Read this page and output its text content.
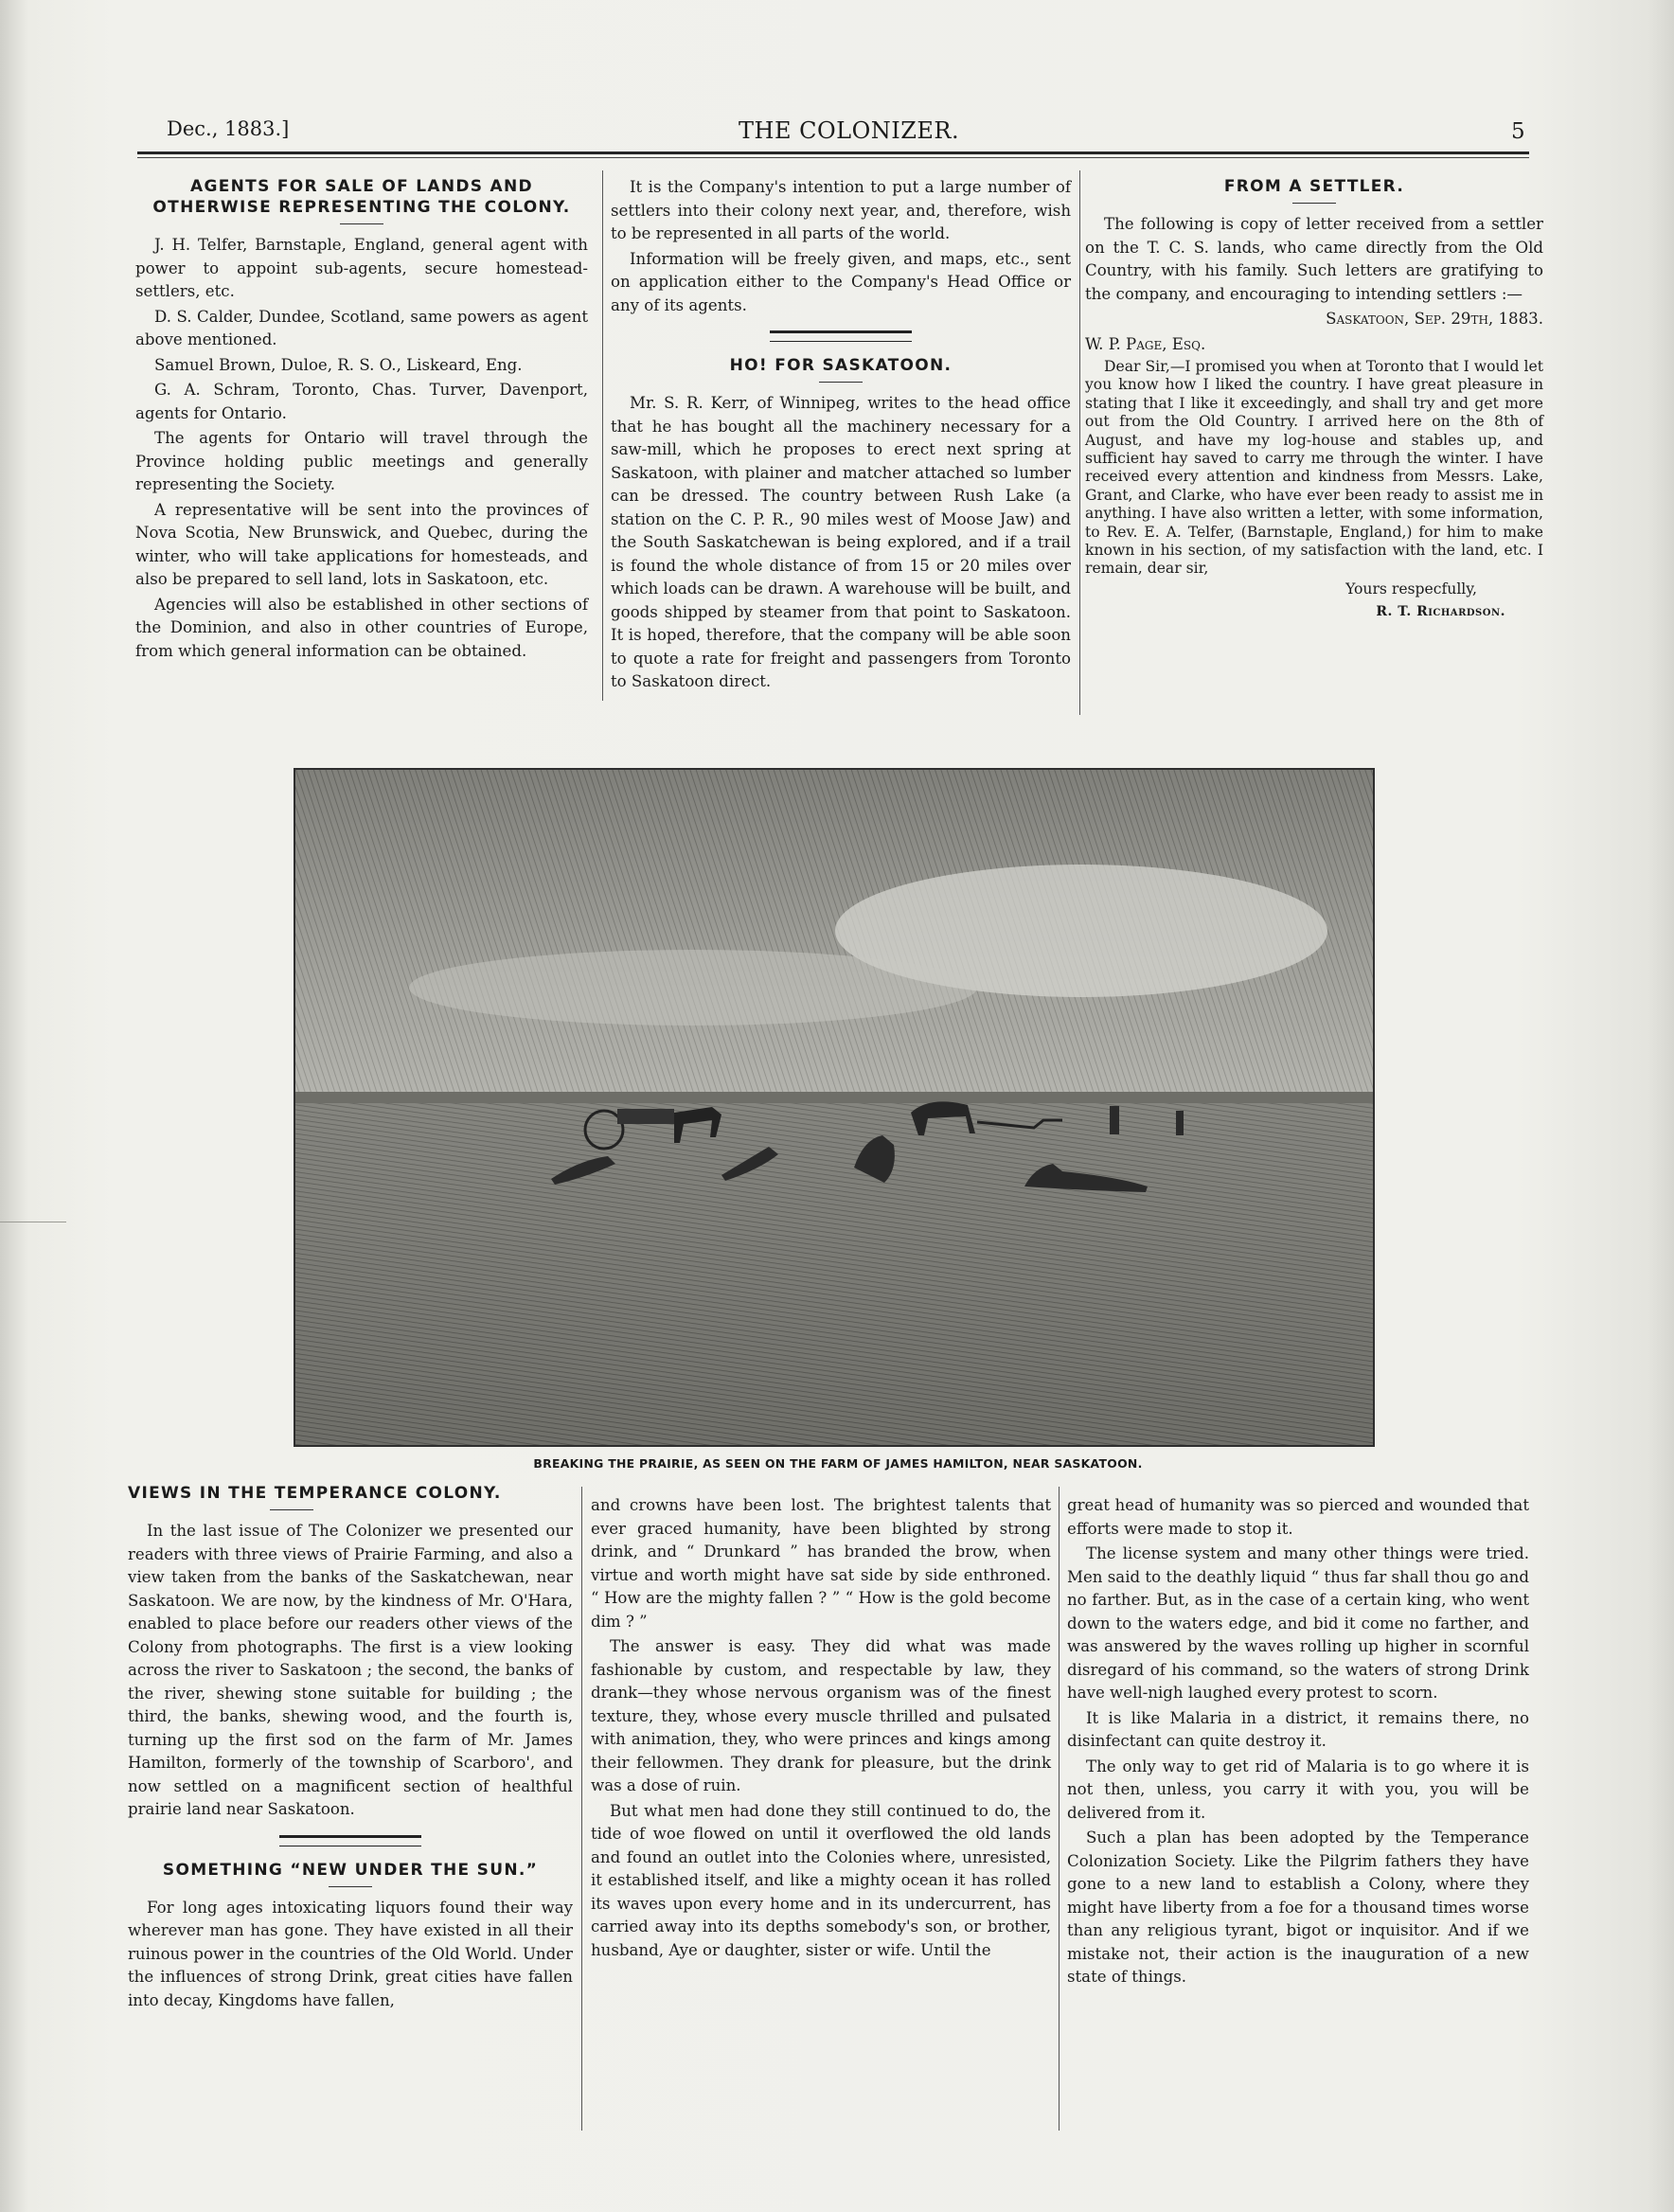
Dec., 1883.]	THE COLONIZER.	5
AGENTS FOR SALE OF LANDS AND OTHERWISE REPRESENTING THE COLONY.

J. H. Telfer, Barnstaple, England, general agent with power to appoint sub-agents, secure homestead-settlers, etc.

D. S. Calder, Dundee, Scotland, same powers as agent above mentioned.

Samuel Brown, Duloe, R. S. O., Liskeard, Eng.

G. A. Schram, Toronto, Chas. Turver, Davenport, agents for Ontario.

The agents for Ontario will travel through the Province holding public meetings and generally representing the Society.

A representative will be sent into the provinces of Nova Scotia, New Brunswick, and Quebec, during the winter, who will take applications for homesteads, and also be prepared to sell land, lots in Saskatoon, etc.

Agencies will also be established in other sections of the Dominion, and also in other countries of Europe, from which general information can be obtained.

It is the Company's intention to put a large number of settlers into their colony next year, and, therefore, wish to be represented in all parts of the world.

Information will be freely given, and maps, etc., sent on application either to the Company's Head Office or any of its agents.

HO! FOR SASKATOON.

Mr. S. R. Kerr, of Winnipeg, writes to the head office that he has bought all the machinery necessary for a saw-mill, which he proposes to erect next spring at Saskatoon, with plainer and matcher attached so lumber can be dressed. The country between Rush Lake (a station on the C. P. R., 90 miles west of Moose Jaw) and the South Saskatchewan is being explored, and if a trail is found the whole distance of from 15 or 20 miles over which loads can be drawn. A warehouse will be built, and goods shipped by steamer from that point to Saskatoon. It is hoped, therefore, that the company will be able soon to quote a rate for freight and passengers from Toronto to Saskatoon direct.

FROM A SETTLER.

The following is copy of letter received from a settler on the T. C. S. lands, who came directly from the Old Country, with his family. Such letters are gratifying to the company, and encouraging to intending settlers :—

Saskatoon, Sep. 29th, 1883.

W. P. Page, Esq.

Dear Sir,—I promised you when at Toronto that I would let you know how I liked the country. I have great pleasure in stating that I like it exceedingly, and shall try and get more out from the Old Country. I arrived here on the 8th of August, and have my log-house and stables up, and sufficient hay saved to carry me through the winter. I have received every attention and kindness from Messrs. Lake, Grant, and Clarke, who have ever been ready to assist me in anything. I have also written a letter, with some information, to Rev. E. A. Telfer, (Barnstaple, England,) for him to make known in his section, of my satisfaction with the land, etc. I remain, dear sir,

Yours respecfully,

R. T. Richardson.

BREAKING THE PRAIRIE, AS SEEN ON THE FARM OF JAMES HAMILTON, NEAR SASKATOON.
VIEWS IN THE TEMPERANCE COLONY.

In the last issue of The Colonizer we presented our readers with three views of Prairie Farming, and also a view taken from the banks of the Saskatchewan, near Saskatoon. We are now, by the kindness of Mr. O'Hara, enabled to place before our readers other views of the Colony from photographs. The first is a view looking across the river to Saskatoon ; the second, the banks of the river, shewing stone suitable for building ; the third, the banks, shewing wood, and the fourth is, turning up the first sod on the farm of Mr. James Hamilton, formerly of the township of Scarboro', and now settled on a magnificent section of healthful prairie land near Saskatoon.

SOMETHING “NEW UNDER THE SUN.”

For long ages intoxicating liquors found their way wherever man has gone. They have existed in all their ruinous power in the countries of the Old World. Under the influences of strong Drink, great cities have fallen into decay, Kingdoms have fallen,

and crowns have been lost. The brightest talents that ever graced humanity, have been blighted by strong drink, and “ Drunkard ” has branded the brow, when virtue and worth might have sat side by side enthroned. “ How are the mighty fallen ? ” “ How is the gold become dim ? ”

The answer is easy. They did what was made fashionable by custom, and respectable by law, they drank—they whose nervous organism was of the finest texture, they, whose every muscle thrilled and pulsated with animation, they, who were princes and kings among their fellowmen. They drank for pleasure, but the drink was a dose of ruin.

But what men had done they still continued to do, the tide of woe flowed on until it overflowed the old lands and found an outlet into the Colonies where, unresisted, it established itself, and like a mighty ocean it has rolled its waves upon every home and in its undercurrent, has carried away into its depths somebody's son, or brother, husband, Aye or daughter, sister or wife. Until the

great head of humanity was so pierced and wounded that efforts were made to stop it.

The license system and many other things were tried. Men said to the deathly liquid “ thus far shall thou go and no farther. But, as in the case of a certain king, who went down to the waters edge, and bid it come no farther, and was answered by the waves rolling up higher in scornful disregard of his command, so the waters of strong Drink have well-nigh laughed every protest to scorn.

It is like Malaria in a district, it remains there, no disinfectant can quite destroy it.

The only way to get rid of Malaria is to go where it is not then, unless, you carry it with you, you will be delivered from it.

Such a plan has been adopted by the Temperance Colonization Society. Like the Pilgrim fathers they have gone to a new land to establish a Colony, where they might have liberty from a foe for a thousand times worse than any religious tyrant, bigot or inquisitor. And if we mistake not, their action is the inauguration of a new state of things.
